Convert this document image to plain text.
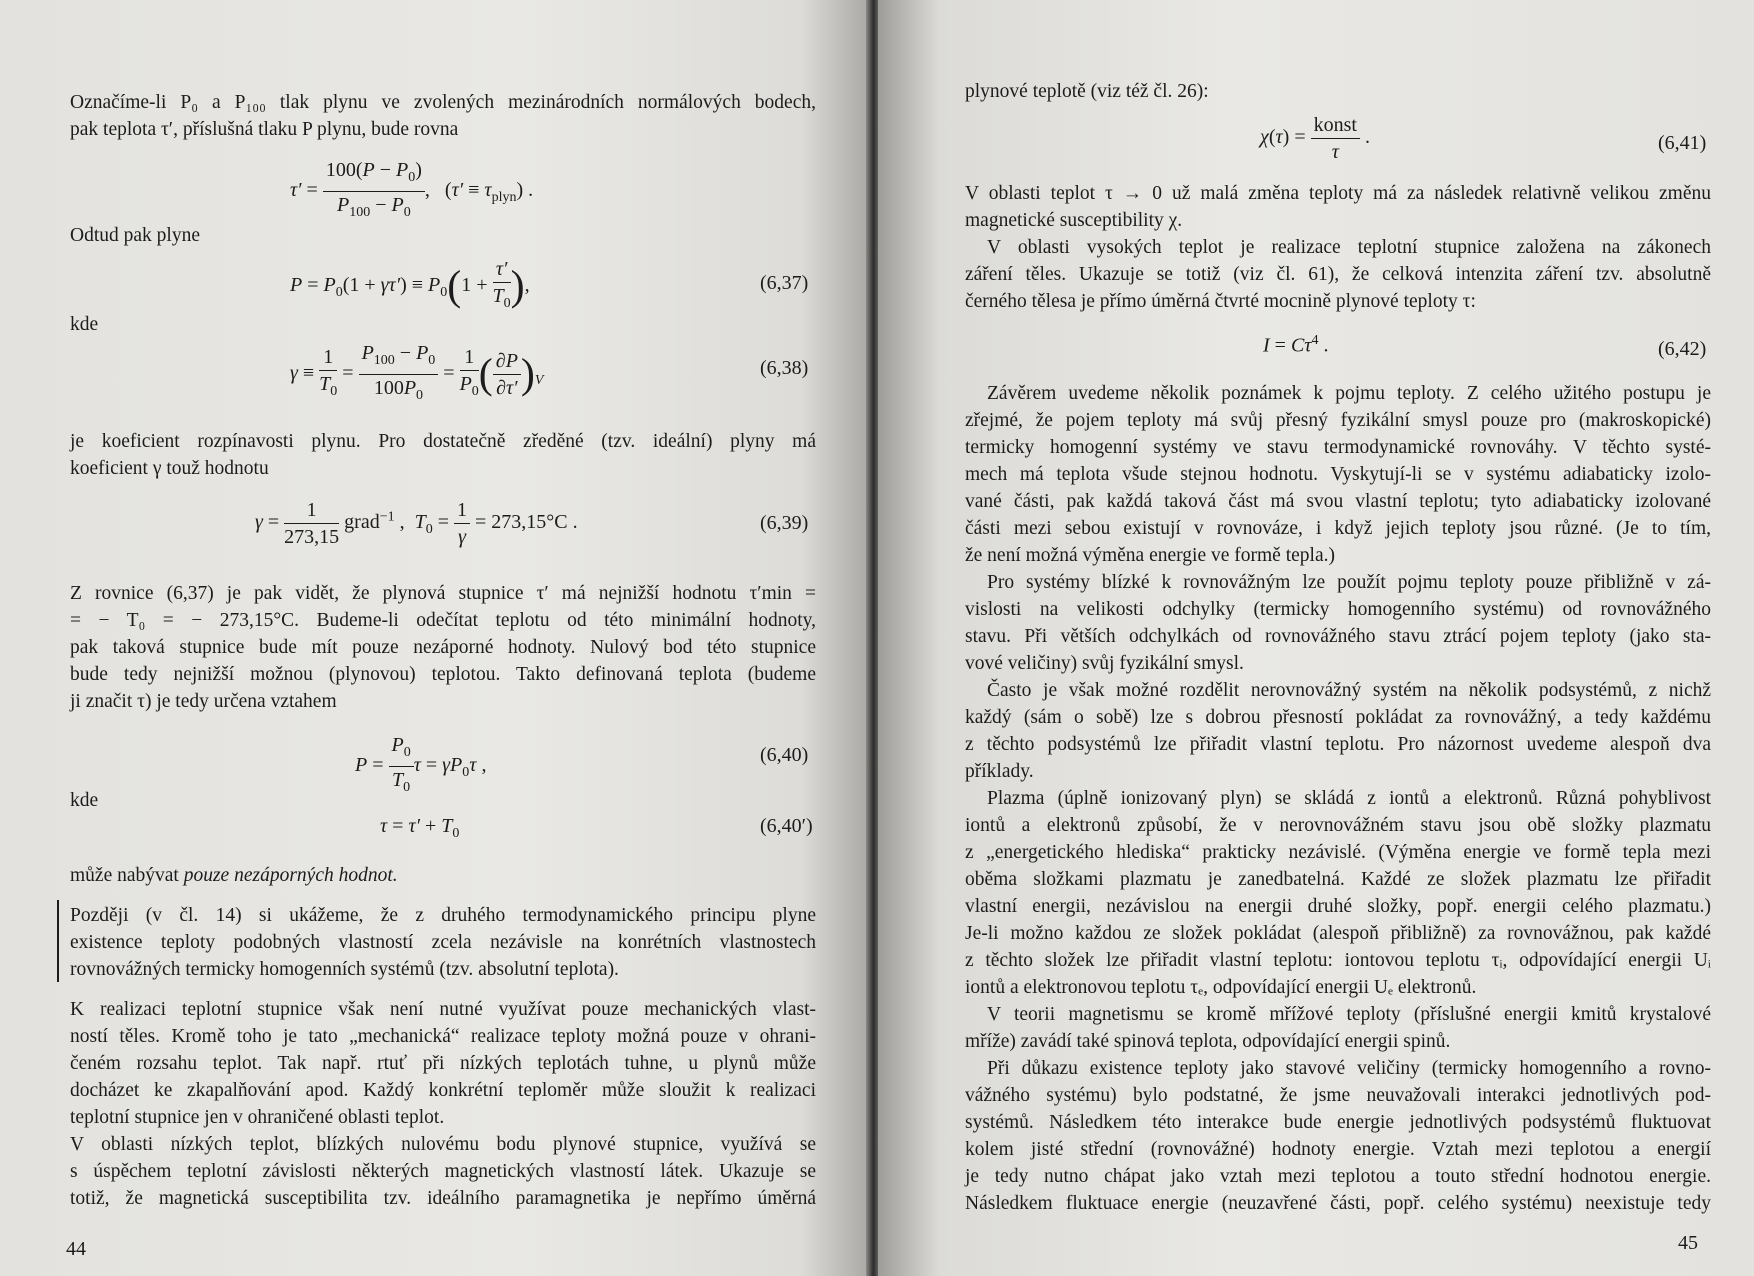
Označíme-li P₀ a P₁₀₀ tlak plynu ve zvolených mezinárodních normálových bodech,
pak teplota τ′, příslušná tlaku P plynu, bude rovna
$\tau' = \frac{100(P - P_0)}{P_{100} - P_0}$ ,   $(\tau' \equiv \tau_{plyn})$ .
Odtud pak plyne
$P = P_0(1 + \gamma\tau') \equiv P_0(1 + \frac{\tau'}{T_0}$ ),	(6,37)
kde
$\gamma \equiv \frac{1}{T_0} = \frac{P_{100} - P_0}{100P_0} = \frac{1}{P_0}$ ( $\frac{\partial P}{\partial\tau'} )_V$
(6,38)
je koeficient rozpínavosti plynu. Pro dostatečně zředěné (tzv. ideální) plyny má
koeficient γ touž hodnotu
$\gamma = \frac{1}{273,15}$ grad$^{-1}$ ,  $T_0 = \frac{1}{\gamma} = 273,15^\circ C$ .	(6,39)
Z rovnice (6,37) je pak vidět, že plynová stupnice τ′ má nejnižší hodnotu τ′min =
= − T₀ = − 273,15°C. Budeme-li odečítat teplotu od této minimální hodnoty,
pak taková stupnice bude mít pouze nezáporné hodnoty. Nulový bod této stupnice
bude tedy nejnižší možnou (plynovou) teplotou. Takto definovaná teplota (budeme
ji značit τ) je tedy určena vztahem
$P = \frac{P_0}{T_0}$ $\tau = \gamma P_0\tau$ ,	(6,40)
kde
$\tau = \tau' + T_0$	(6,40′)
může nabývat pouze nezáporných hodnot.
Později (v čl. 14) si ukážeme, že z druhého termodynamického principu plyne
existence teploty podobných vlastností zcela nezávisle na konrétních vlastnostech
rovnovážných termicky homogenních systémů (tzv. absolutní teplota).
K realizaci teplotní stupnice však není nutné využívat pouze mechanických vlast-
ností těles. Kromě toho je tato „mechanická“ realizace teploty možná pouze v ohrani-
čeném rozsahu teplot. Tak např. rtuť při nízkých teplotách tuhne, u plynů může
docházet ke zkapalňování apod. Každý konkrétní teploměr může sloužit k realizaci
teplotní stupnice jen v ohraničené oblasti teplot.
V oblasti nízkých teplot, blízkých nulovému bodu plynové stupnice, využívá se
s úspěchem teplotní závislosti některých magnetických vlastností látek. Ukazuje se
totiž, že magnetická susceptibilita tzv. ideálního paramagnetika je nepřímo úměrná
44
plynové teplotě (viz též čl. 26):
$\chi(\tau) = \frac{\text{konst}}{\tau}$ .	(6,41)
V oblasti teplot τ → 0 už malá změna teploty má za následek relativně velikou změnu
magnetické susceptibility χ.
V oblasti vysokých teplot je realizace teplotní stupnice založena na zákonech
záření těles. Ukazuje se totiž (viz čl. 61), že celková intenzita záření tzv. absolutně
černého tělesa je přímo úměrná čtvrté mocnině plynové teploty τ:
$I = C\tau^4$ .	(6,42)
Závěrem uvedeme několik poznámek k pojmu teploty. Z celého užitého postupu je
zřejmé, že pojem teploty má svůj přesný fyzikální smysl pouze pro (makroskopické)
termicky homogenní systémy ve stavu termodynamické rovnováhy. V těchto systé-
mech má teplota všude stejnou hodnotu. Vyskytují-li se v systému adiabaticky izolo-
vané části, pak každá taková část má svou vlastní teplotu; tyto adiabaticky izolované
části mezi sebou existují v rovnováze, i když jejich teploty jsou různé. (Je to tím,
že není možná výměna energie ve formě tepla.)
Pro systémy blízké k rovnovážným lze použít pojmu teploty pouze přibližně v zá-
vislosti na velikosti odchylky (termicky homogenního systému) od rovnovážného
stavu. Při větších odchylkách od rovnovážného stavu ztrácí pojem teploty (jako sta-
vové veličiny) svůj fyzikální smysl.
Často je však možné rozdělit nerovnovážný systém na několik podsystémů, z nichž
každý (sám o sobě) lze s dobrou přesností pokládat za rovnovážný, a tedy každému
z těchto podsystémů lze přiřadit vlastní teplotu. Pro názornost uvedeme alespoň dva
příklady.
Plazma (úplně ionizovaný plyn) se skládá z iontů a elektronů. Různá pohyblivost
iontů a elektronů způsobí, že v nerovnovážném stavu jsou obě složky plazmatu
z „energetického hlediska“ prakticky nezávislé. (Výměna energie ve formě tepla mezi
oběma složkami plazmatu je zanedbatelná. Každé ze složek plazmatu lze přiřadit
vlastní energii, nezávislou na energii druhé složky, popř. energii celého plazmatu.)
Je-li možno každou ze složek pokládat (alespoň přibližně) za rovnovážnou, pak každé
z těchto složek lze přiřadit vlastní teplotu: iontovou teplotu τᵢ, odpovídající energii Uᵢ
iontů a elektronovou teplotu τₑ, odpovídající energii Uₑ elektronů.
V teorii magnetismu se kromě mřížové teploty (příslušné energii kmitů krystalové
mříže) zavádí také spinová teplota, odpovídající energii spinů.
Při důkazu existence teploty jako stavové veličiny (termicky homogenního a rovno-
vážného systému) bylo podstatné, že jsme neuvažovali interakci jednotlivých pod-
systémů. Následkem této interakce bude energie jednotlivých podsystémů fluktuovat
kolem jisté střední (rovnovážné) hodnoty energie. Vztah mezi teplotou a energií
je tedy nutno chápat jako vztah mezi teplotou a touto střední hodnotou energie.
Následkem fluktuace energie (neuzavřené části, popř. celého systému) neexistuje tedy
45
